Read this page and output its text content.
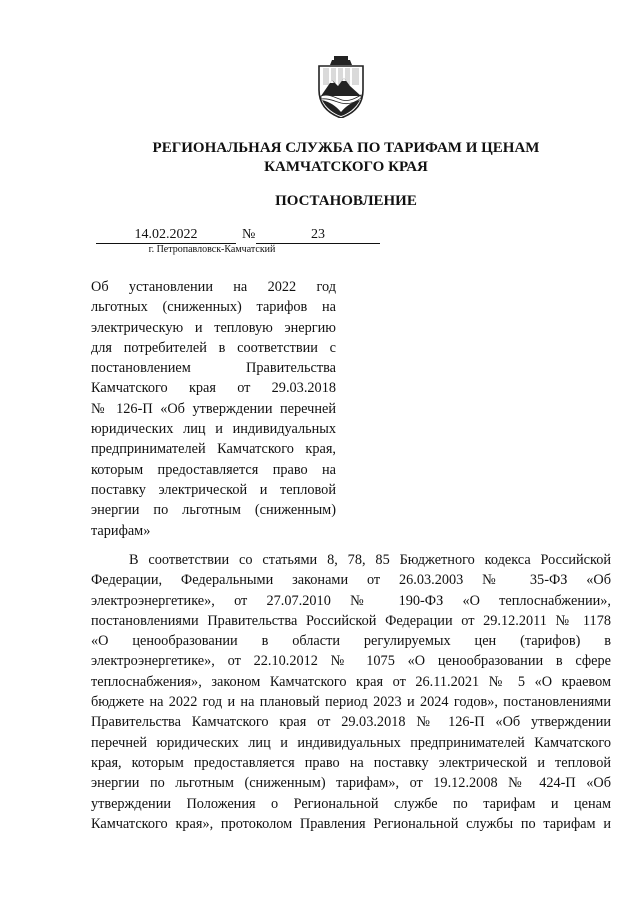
РЕГИОНАЛЬНАЯ СЛУЖБА ПО ТАРИФАМ И ЦЕНАМ
КАМЧАТСКОГО КРАЯ
ПОСТАНОВЛЕНИЕ
14.02.2022	№	23
г. Петропавловск-Камчатский
Об установлении на 2022 год
льготных (сниженных) тарифов на
электрическую и тепловую энергию
для потребителей в соответствии с
постановлением Правительства
Камчатского края от 29.03.2018
№ 126-П «Об утверждении перечней
юридических лиц и индивидуальных
предпринимателей Камчатского края,
которым предоставляется право на
поставку электрической и тепловой
энергии по льготным (сниженным)
тарифам»
В соответствии со статьями 8, 78, 85 Бюджетного кодекса Российской
Федерации, Федеральными законами от 26.03.2003 № 35-ФЗ «Об
электроэнергетике», от 27.07.2010 № 190-ФЗ «О теплоснабжении»,
постановлениями Правительства Российской Федерации от 29.12.2011 № 1178
«О ценообразовании в области регулируемых цен (тарифов) в
электроэнергетике», от 22.10.2012 № 1075 «О ценообразовании в сфере
теплоснабжения», законом Камчатского края от 26.11.2021 № 5 «О краевом
бюджете на 2022 год и на плановый период 2023 и 2024 годов», постановлениями
Правительства Камчатского края от 29.03.2018 № 126-П «Об утверждении
перечней юридических лиц и индивидуальных предпринимателей Камчатского
края, которым предоставляется право на поставку электрической и тепловой
энергии по льготным (сниженным) тарифам», от 19.12.2008 № 424-П «Об
утверждении Положения о Региональной службе по тарифам и ценам
Камчатского края», протоколом Правления Региональной службы по тарифам и
